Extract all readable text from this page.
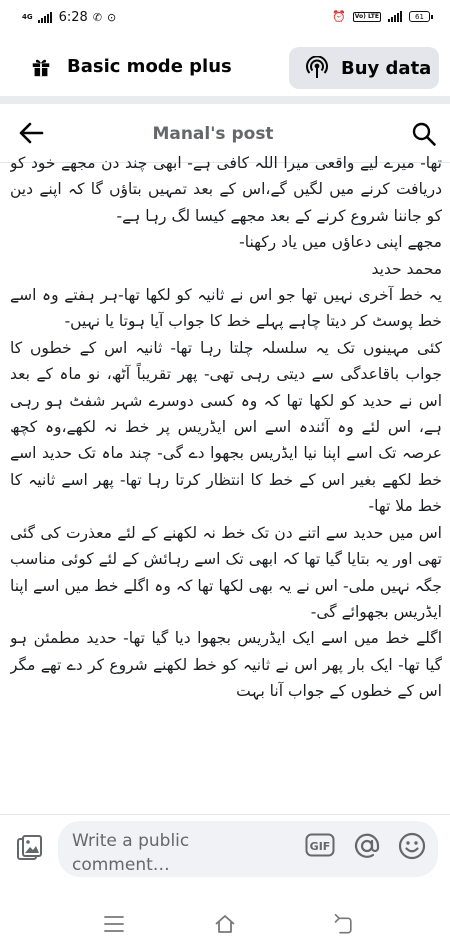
4G 6:28 ✆ ⊙	⏰	Vo) LTE	61
Basic mode plus	Buy data
Manal's post

تھا- میرے لیے واقعی میرا اللہ کافی ہے- ابھی چند دن مجھے خود کو دریافت کرنے میں لگیں گے،اس کے بعد تمہیں بتاؤں گا کہ اپنے دین کو جاننا شروع کرنے کے بعد مجھے کیسا لگ رہا ہے-

مجھے اپنی دعاؤں میں یاد رکھنا-

محمد حدید

یہ خط آخری نہیں تھا جو اس نے ثانیہ کو لکھا تھا-ہر ہفتے وہ اسے خط پوسٹ کر دیتا چاہے پہلے خط کا جواب آیا ہوتا یا نہیں-

کئی مہینوں تک یہ سلسلہ چلتا رہا تھا- ثانیہ اس کے خطوں کا جواب باقاعدگی سے دیتی رہی تھی- پھر تقریباً آٹھ، نو ماہ کے بعد اس نے حدید کو لکھا تھا کہ وہ کسی دوسرے شہر شفٹ ہو رہی ہے، اس لئے وہ آئندہ اسے اس ایڈریس پر خط نہ لکھے،وہ کچھ عرصہ تک اسے اپنا نیا ایڈریس بجھوا دے گی- چند ماہ تک حدید اسے خط لکھے بغیر اس کے خط کا انتظار کرتا رہا تھا- پھر اسے ثانیہ کا خط ملا تھا-

اس میں حدید سے اتنے دن تک خط نہ لکھنے کے لئے معذرت کی گئی تھی اور یہ بتایا گیا تھا کہ ابھی تک اسے رہائش کے لئے کوئی مناسب جگہ نہیں ملی- اس نے یہ بھی لکھا تھا کہ وہ اگلے خط میں اسے اپنا ایڈریس بجھوائے گی-

اگلے خط میں اسے ایک ایڈریس بجھوا دیا گیا تھا- حدید مطمئن ہو گیا تھا- ایک بار پھر اس نے ثانیہ کو خط لکھنے شروع کر دے تھے مگر اس کے خطوں کے جواب آنا بہت

Write a public comment…
GIF
